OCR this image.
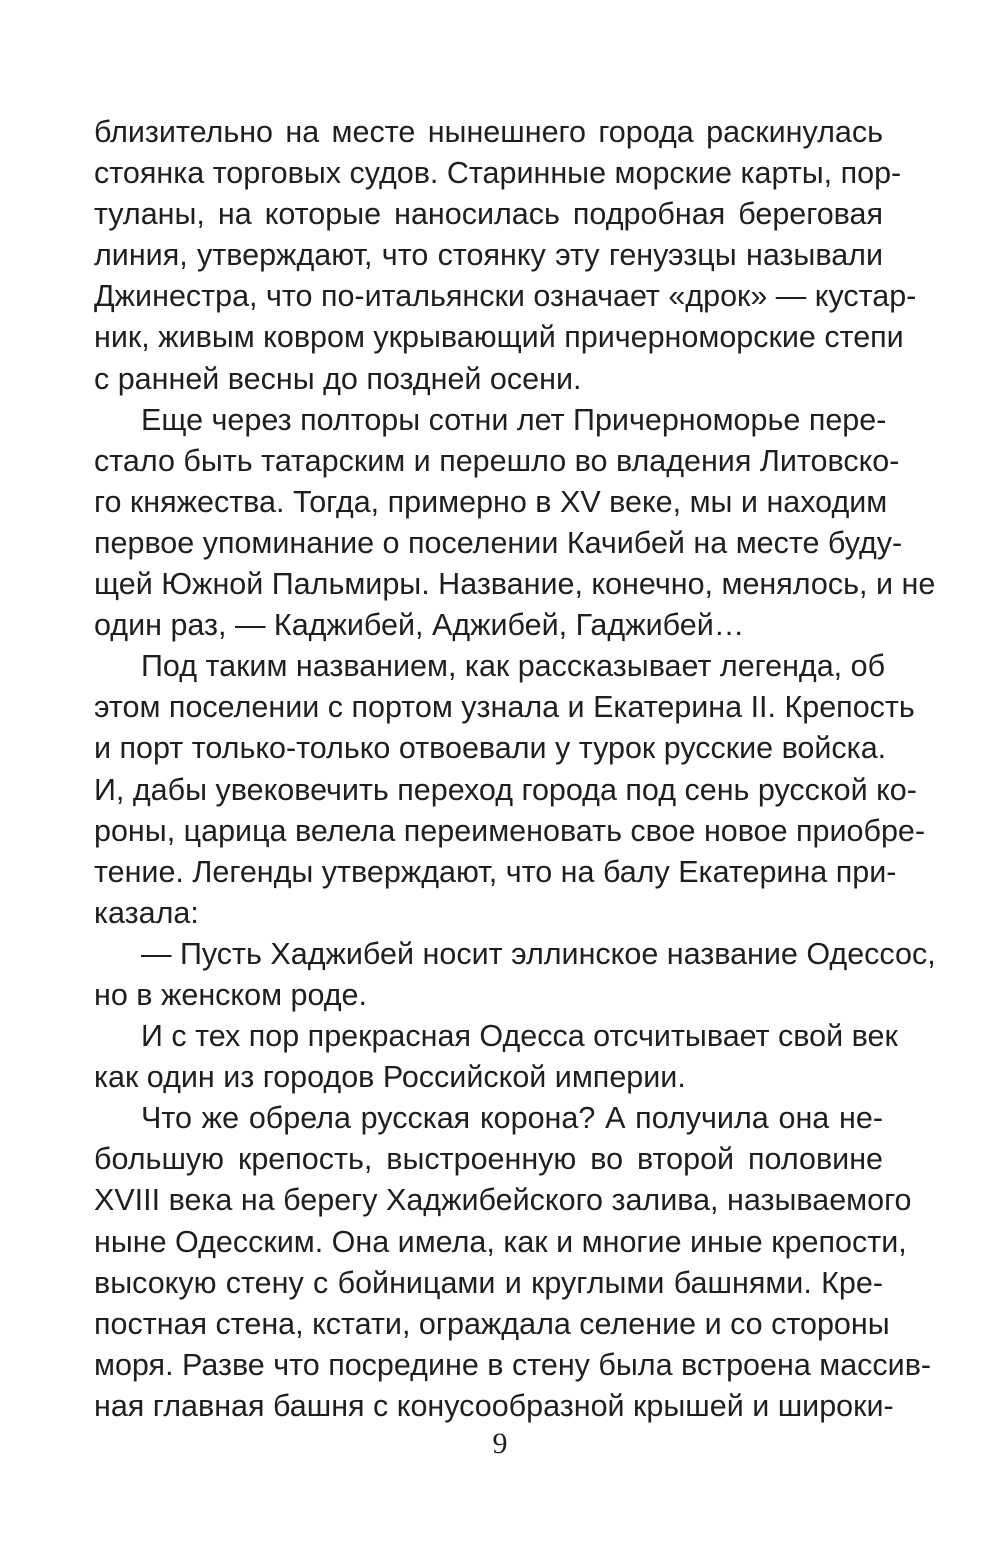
близительно на месте нынешнего города раскинулась
стоянка торговых судов. Старинные морские карты, пор-
туланы, на которые наносилась подробная береговая
линия, утверждают, что стоянку эту генуэзцы называли
Джинестра, что по-итальянски означает «дрок» — кустар-
ник, живым ковром укрывающий причерноморские степи
с ранней весны до поздней осени.
Еще через полторы сотни лет Причерноморье пере-
стало быть татарским и перешло во владения Литовско-
го княжества. Тогда, примерно в XV веке, мы и находим
первое упоминание о поселении Качибей на месте буду-
щей Южной Пальмиры. Название, конечно, менялось, и не
один раз, — Каджибей, Аджибей, Гаджибей…
Под таким названием, как рассказывает легенда, об
этом поселении с портом узнала и Екатерина II. Крепость
и порт только-только отвоевали у турок русские войска.
И, дабы увековечить переход города под сень русской ко-
роны, царица велела переименовать свое новое приобре-
тение. Легенды утверждают, что на балу Екатерина при-
казала:
— Пусть Хаджибей носит эллинское название Одессос,
но в женском роде.
И с тех пор прекрасная Одесса отсчитывает свой век
как один из городов Российской империи.
Что же обрела русская корона? А получила она не-
большую крепость, выстроенную во второй половине
XVIII века на берегу Хаджибейского залива, называемого
ныне Одесским. Она имела, как и многие иные крепости,
высокую стену с бойницами и круглыми башнями. Кре-
постная стена, кстати, ограждала селение и со стороны
моря. Разве что посредине в стену была встроена массив-
ная главная башня с конусообразной крышей и широки-
9
